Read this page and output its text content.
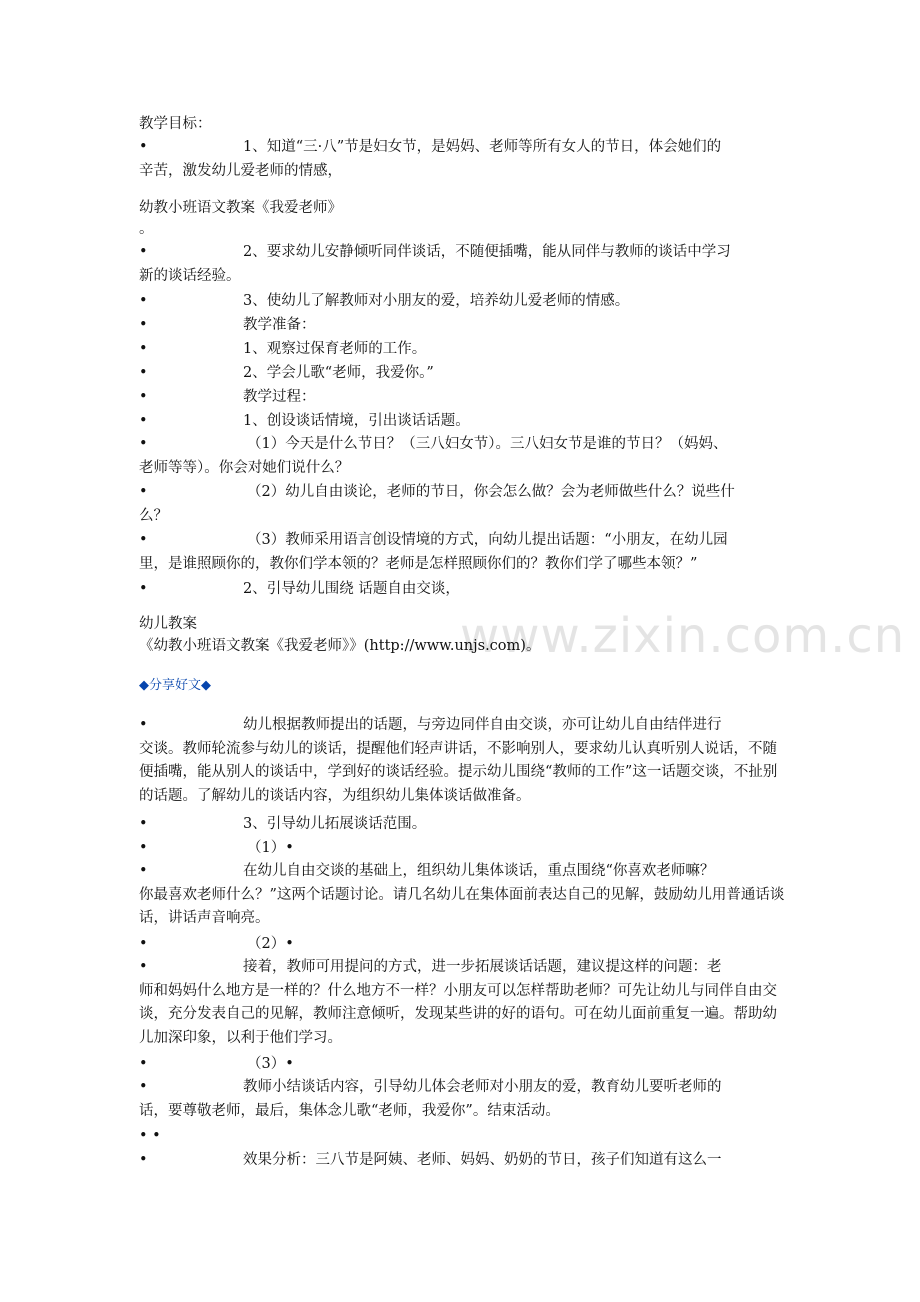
www.zixin.com.cn
教学目标：
•	1、知道“三·八”节是妇女节，是妈妈、老师等所有女人的节日，体会她们的
辛苦，激发幼儿爱老师的情感，
幼教小班语文教案《我爱老师》
。
•	2、要求幼儿安静倾听同伴谈话，不随便插嘴，能从同伴与教师的谈话中学习
新的谈话经验。
•	3、使幼儿了解教师对小朋友的爱，培养幼儿爱老师的情感。
•	教学准备：
•	1、观察过保育老师的工作。
•	2、学会儿歌“老师，我爱你。”
•	教学过程：
•	1、创设谈话情境，引出谈话话题。
•	（1）今天是什么节日？（三八妇女节）。三八妇女节是谁的节日？（妈妈、
老师等等）。你会对她们说什么？
•	（2）幼儿自由谈论，老师的节日，你会怎么做？会为老师做些什么？说些什
么？
•	（3）教师采用语言创设情境的方式，向幼儿提出话题：“小朋友，在幼儿园
里，是谁照顾你的，教你们学本领的？老师是怎样照顾你们的？教你们学了哪些本领？”
•	2、引导幼儿围绕 话题自由交谈，
幼儿教案
《幼教小班语文教案《我爱老师》》(http://www.unjs.com)。
◆分享好文◆
•	幼儿根据教师提出的话题，与旁边同伴自由交谈，亦可让幼儿自由结伴进行
交谈。教师轮流参与幼儿的谈话，提醒他们轻声讲话，不影响别人，要求幼儿认真听别人说话，不随便插嘴，能从别人的谈话中，学到好的谈话经验。提示幼儿围绕“教师的工作”这一话题交谈，不扯别的话题。了解幼儿的谈话内容，为组织幼儿集体谈话做准备。
•	3、引导幼儿拓展谈话范围。
•	（1）•
•	在幼儿自由交谈的基础上，组织幼儿集体谈话，重点围绕“你喜欢老师嘛？
你最喜欢老师什么？”这两个话题讨论。请几名幼儿在集体面前表达自己的见解，鼓励幼儿用普通话谈话，讲话声音响亮。
•	（2）•
•	接着，教师可用提问的方式，进一步拓展谈话话题，建议提这样的问题：老
师和妈妈什么地方是一样的？什么地方不一样？小朋友可以怎样帮助老师？可先让幼儿与同伴自由交谈，充分发表自己的见解，教师注意倾听，发现某些讲的好的语句。可在幼儿面前重复一遍。帮助幼儿加深印象，以利于他们学习。
•	（3）•
•	教师小结谈话内容，引导幼儿体会老师对小朋友的爱，教育幼儿要听老师的
话，要尊敬老师，最后，集体念儿歌“老师，我爱你”。结束活动。
• •
•	效果分析：三八节是阿姨、老师、妈妈、奶奶的节日，孩子们知道有这么一
